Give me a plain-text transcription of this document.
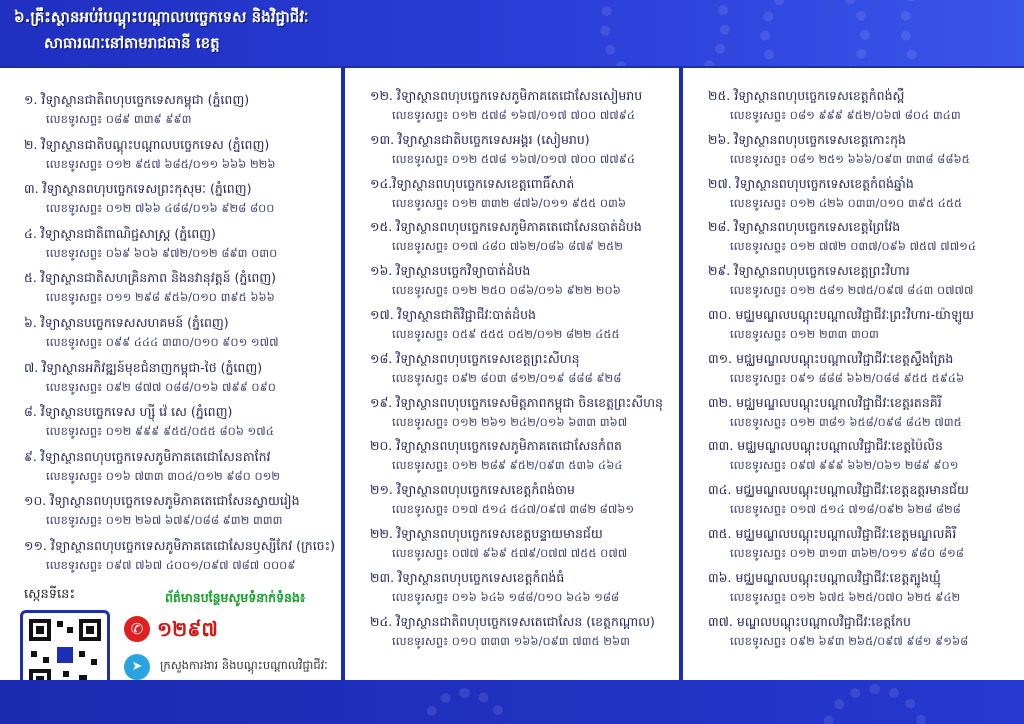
៦.គ្រឹះស្ថានអប់រំបណ្តុះបណ្តាលបច្ចេកទេស និងវិជ្ជាជីវៈ
សាធារណៈនៅតាមរាជធានី ខេត្ត
១. វិទ្យាស្ថានជាតិពហុបច្ចេកទេសកម្ពុជា (ភ្នំពេញ)
លេខទូរសព្ទ៖ ០៨៩ ៣៣៩ ៩៩៣
២. វិទ្យាស្ថានជាតិបណ្តុះបណ្តាលបច្ចេកទេស (ភ្នំពេញ)
លេខទូរសព្ទ៖ ០១២ ៩៥៧ ៦៨៥/០១១ ៦៦៦ ២២៦
៣. វិទ្យាស្ថានពហុបច្ចេកទេសព្រះកុសុមៈ (ភ្នំពេញ)
លេខទូរសព្ទ៖ ០១២ ៧៦៦ ៤៨៨/០១៦ ៩២៨ ៨០០
៤. វិទ្យាស្ថានជាតិពាណិជ្ជសាស្ត្រ (ភ្នំពេញ)
លេខទូរសព្ទ៖ ០៦៩ ៦០៦ ៩៧២/០១២ ៨៩៣ ០៣០
៥. វិទ្យាស្ថានជាតិសហគ្រិនភាព និងនវានុវត្តន៍ (ភ្នំពេញ)
លេខទូរសព្ទ៖ ០១១ ២៩៨ ៩៥៦/០១០ ៣៩៥ ៦៦៦
៦. វិទ្យាស្ថានបច្ចេកទេសសហគមន៍ (ភ្នំពេញ)
លេខទូរសព្ទ៖ ០៩៩ ៤៤៤ ៣៣០/០១០ ៩០១ ១៧៧
៧. វិទ្យាស្ថានអភិវឌ្ឍន៍មុខជំនាញកម្ពុជា-ថៃ (ភ្នំពេញ)
លេខទូរសព្ទ៖ ០៩២ ៨៧៧ ០៨៨/០១៦ ៧៩៩ ០៩០
៨. វិទ្យាស្ថានបច្ចេកទេស ហ្ស៊ី វ៉េ សេ (ភ្នំពេញ)
លេខទូរសព្ទ៖ ០១២ ៩៩៩ ៩៥៥/០៥៥ ៨០៦ ១៧៤
៩. វិទ្យាស្ថានពហុបច្ចេកទេសភូមិភាគតេជោសែនតាកែវ
លេខទូរសព្ទ៖ ០១៦ ៧៣៣ ៣០៤/០១២ ៩៨០ ០១២
១០. វិទ្យាស្ថានពហុបច្ចេកទេសភូមិភាគតេជោសែនស្វាយរៀង
លេខទូរសព្ទ៖ ០១២ ២៦៧ ៦៧៩/០៨៨ ៩៣២ ៣៣៣
១១. វិទ្យាស្ថានពហុបច្ចេកទេសភូមិភាគតេជោសែនឫស្សីកែវ (ក្រចេះ)
លេខទូរសព្ទ៖ ០៩៧ ៧៦៧ ៤០០១/០៩៧ ៧៨៧ ០០០៩
១២. វិទ្យាស្ថានពហុបច្ចេកទេសភូមិភាគតេជោសែនសៀមរាប
លេខទូរសព្ទ៖ ០១២ ៥៧៨ ១៦៧/០១៧ ៧០០ ៧៧៩៤
១៣. វិទ្យាស្ថានជាតិបច្ចេកទេសអង្គរ (សៀមរាប)
លេខទូរសព្ទ៖ ០១២ ៥៧៨ ១៦៧/០១៧ ៧០០ ៧៧៩៤
១៤.វិទ្យាស្ថានពហុបច្ចេកទេសខេត្តពោធិ៍សាត់
លេខទូរសព្ទ៖ ០១២ ៣៣២ ៨៧៦/០១១ ៩៥៥ ០៣៦
១៥. វិទ្យាស្ថានពហុបច្ចេកទេសភូមិភាគតេជោសែនបាត់ដំបង
លេខទូរសព្ទ៖ ០១៧ ៤៨០ ៧៦២/០៨៦ ៨៧៩ ២៥២
១៦. វិទ្យាស្ថានបច្ចេកវិទ្យាបាត់ដំបង
លេខទូរសព្ទ៖ ០១២ ២៥០ ០៨៦/០១៦ ៩២២ ២០៦
១៧. វិទ្យាស្ថានជាតិវិជ្ជាជីវៈបាត់ដំបង
លេខទូរសព្ទ៖ ០៥៩ ៥៥៥ ០៥២/០១២ ៨២២ ៤៥៥
១៨. វិទ្យាស្ថានពហុបច្ចេកទេសខេត្តព្រះសីហនុ
លេខទូរសព្ទ៖ ០៩២ ៨០៣ ៨១២/០១៩ ៨៨៨ ៩២៨
១៩. វិទ្យាស្ថានពហុបច្ចេកទេសមិត្តភាពកម្ពុជា ចិនខេត្តព្រះសីហនុ
លេខទូរសព្ទ៖ ០១២ ២៦១ ២៤២/០១៦ ៦៣៣ ៣៦៧
២០. វិទ្យាស្ថានពហុបច្ចេកទេសភូមិភាគតេជោសែនកំពត
លេខទូរសព្ទ៖ ០១២ ២៨៩ ៩៥២/០៩៣ ៥៣៦ ៤៦៤
២១. វិទ្យាស្ថានពហុបច្ចេកទេសខេត្តកំពង់ចាម
លេខទូរសព្ទ៖ ០១៧ ៥១៤ ៥៤៧/០៩៧ ៣៨២ ៨៧៦១
២២. វិទ្យាស្ថានពហុបច្ចេកទេសខេត្តបន្ទាយមានជ័យ
លេខទូរសព្ទ៖ ០៧៧ ៩៦៩ ៥៧៩/០៧៧ ៧៥៥ ០៧៧
២៣. វិទ្យាស្ថានពហុបច្ចេកទេសខេត្តកំពង់ធំ
លេខទូរសព្ទ៖ ០១៦ ៦៤៦ ១៨៨/០១០ ៦៤៦ ១៨៨
២៤. វិទ្យាស្ថានជាតិពហុបច្ចេកទេសតេជោសែន (ខេត្តកណ្តាល)
លេខទូរសព្ទ៖ ០១០ ៣៣៣ ១៦៦/០៩៣ ៧៣៥ ២៦៣
២៥. វិទ្យាស្ថានពហុបច្ចេកទេសខេត្តកំពង់ស្ពឺ
លេខទូរសព្ទ៖ ០៨១ ៩៩៩ ៩៥២/០៦៧ ៨០៤ ៣៤៣
២៦. វិទ្យាស្ថានពហុបច្ចេកទេសខេត្តកោះកុង
លេខទូរសព្ទ៖ ០៨១ ២៥១ ៦៦៦/០៩៣ ៣៣៨ ៨៨៦៥
២៧. វិទ្យាស្ថានពហុបច្ចេកទេសខេត្តកំពង់ឆ្នាំង
លេខទូរសព្ទ៖ ០១២ ៤២៦ ០៣៣/០១០ ៣៩៥ ៤៥៥
២៨. វិទ្យាស្ថានពហុបច្ចេកទេសខេត្តព្រៃវែង
លេខទូរសព្ទ៖ ០១២ ៧៧២ ០៣៧/០៩៦ ៧៥៧ ៧៧១៤
២៩. វិទ្យាស្ថានពហុបច្ចេកទេសខេត្តព្រះវិហារ
លេខទូរសព្ទ៖ ០១២ ៥៨១ ២៧៥/០៩៧ ៨៤៣ ០៧៧៧
៣០. មជ្ឈមណ្ឌលបណ្តុះបណ្តាលវិជ្ជាជីវៈព្រះវិហារ-យ៉ាឡូយ
លេខទូរសព្ទ៖ ០១២ ២៣៣ ៣០៣
៣១. មជ្ឈមណ្ឌលបណ្តុះបណ្តាលវិជ្ជាជីវៈខេត្តស្ទឹងត្រែង
លេខទូរសព្ទ៖ ០៩១ ៨៨៨ ៦៦២/០៨៨ ៩៥៥ ៥៩៤៦
៣២. មជ្ឈមណ្ឌលបណ្តុះបណ្តាលវិជ្ជាជីវៈខេត្តរតនគិរី
លេខទូរសព្ទ៖ ០១២ ៣៨១ ៦៥៨/០៩៨ ៨៤២ ៧៣៥
៣៣. មជ្ឈមណ្ឌលបណ្តុះបណ្តាលវិជ្ជាជីវៈខេត្តប៉ៃលិន
លេខទូរសព្ទ៖ ០៩៧ ៩៩៩ ៦៦២/០៦១ ២៨៩ ៩០១
៣៤. មជ្ឈមណ្ឌលបណ្តុះបណ្តាលវិជ្ជាជីវៈខេត្តឧត្តរមានជ័យ
លេខទូរសព្ទ៖ ០១៧ ៥១៤ ៧១៨/០៩២ ៦២៨ ៨២៨
៣៥. មជ្ឈមណ្ឌលបណ្តុះបណ្តាលវិជ្ជាជីវៈខេត្តមណ្ឌលគិរី
លេខទូរសព្ទ៖ ០១២ ៣១៣ ៣៦២/០១១ ៩៨០ ៨១៨
៣៦. មជ្ឈមណ្ឌលបណ្តុះបណ្តាលវិជ្ជាជីវៈខេត្តត្បូងឃ្មុំ
លេខទូរសព្ទ៖ ០១២ ៦៧៥ ៦២៥/០៧០ ៦២៥ ៩៤២
៣៧. មណ្ឌលបណ្តុះបណ្តាលវិជ្ជាជីវៈខេត្តកែប
លេខទូរសព្ទ៖ ០៩២ ៦៩៣ ២៦៥/០៩៧ ៩៨១ ៩១៦៨
ស្កេនទីនេះ	ព័ត៌មានបន្ថែមសូមទំនាក់ទំនង៖
✆ ១២៩៧
➤	ក្រសួងការងារ និងបណ្តុះបណ្តាលវិជ្ជាជីវៈ
